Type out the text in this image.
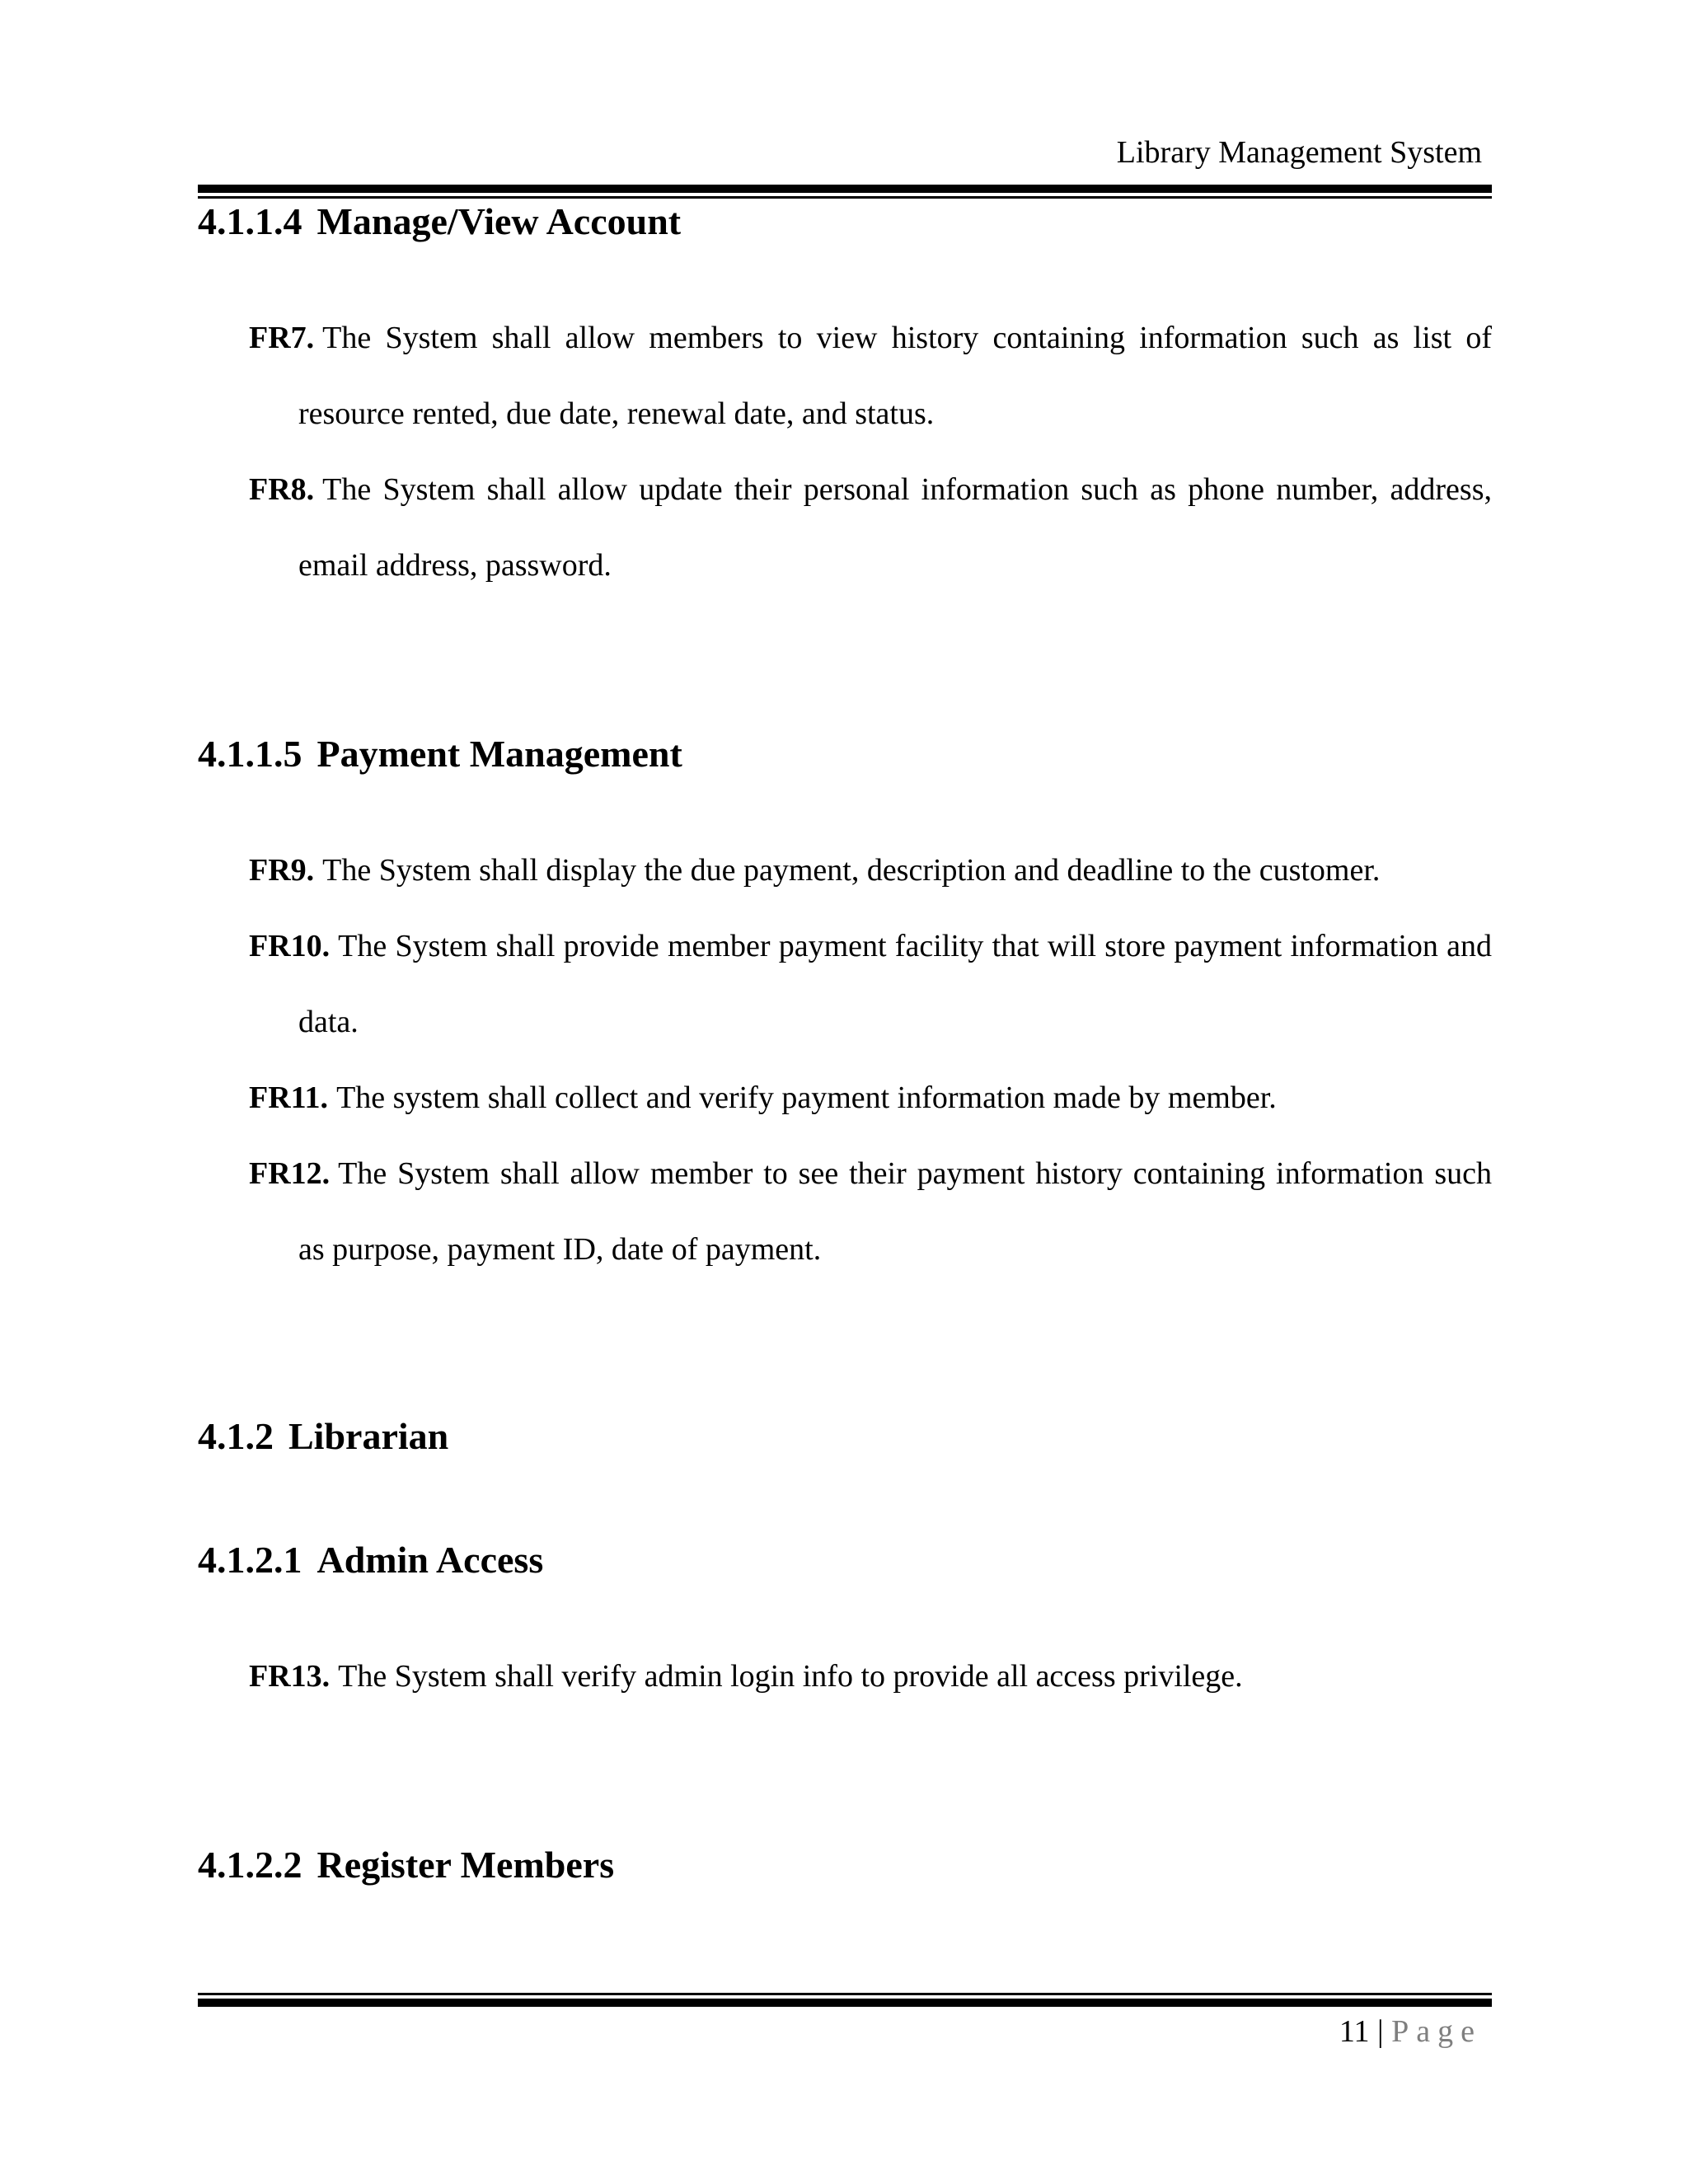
Library Management System
4.1.1.4 Manage/View Account
FR7. The System shall allow members to view history containing information such as list of resource rented, due date, renewal date, and status.
FR8. The System shall allow update their personal information such as phone number, address, email address, password.
4.1.1.5 Payment Management
FR9. The System shall display the due payment, description and deadline to the customer.
FR10. The System shall provide member payment facility that will store payment information and data.
FR11. The system shall collect and verify payment information made by member.
FR12. The System shall allow member to see their payment history containing information such as purpose, payment ID, date of payment.
4.1.2 Librarian
4.1.2.1 Admin Access
FR13. The System shall verify admin login info to provide all access privilege.
4.1.2.2 Register Members
11 | Page
